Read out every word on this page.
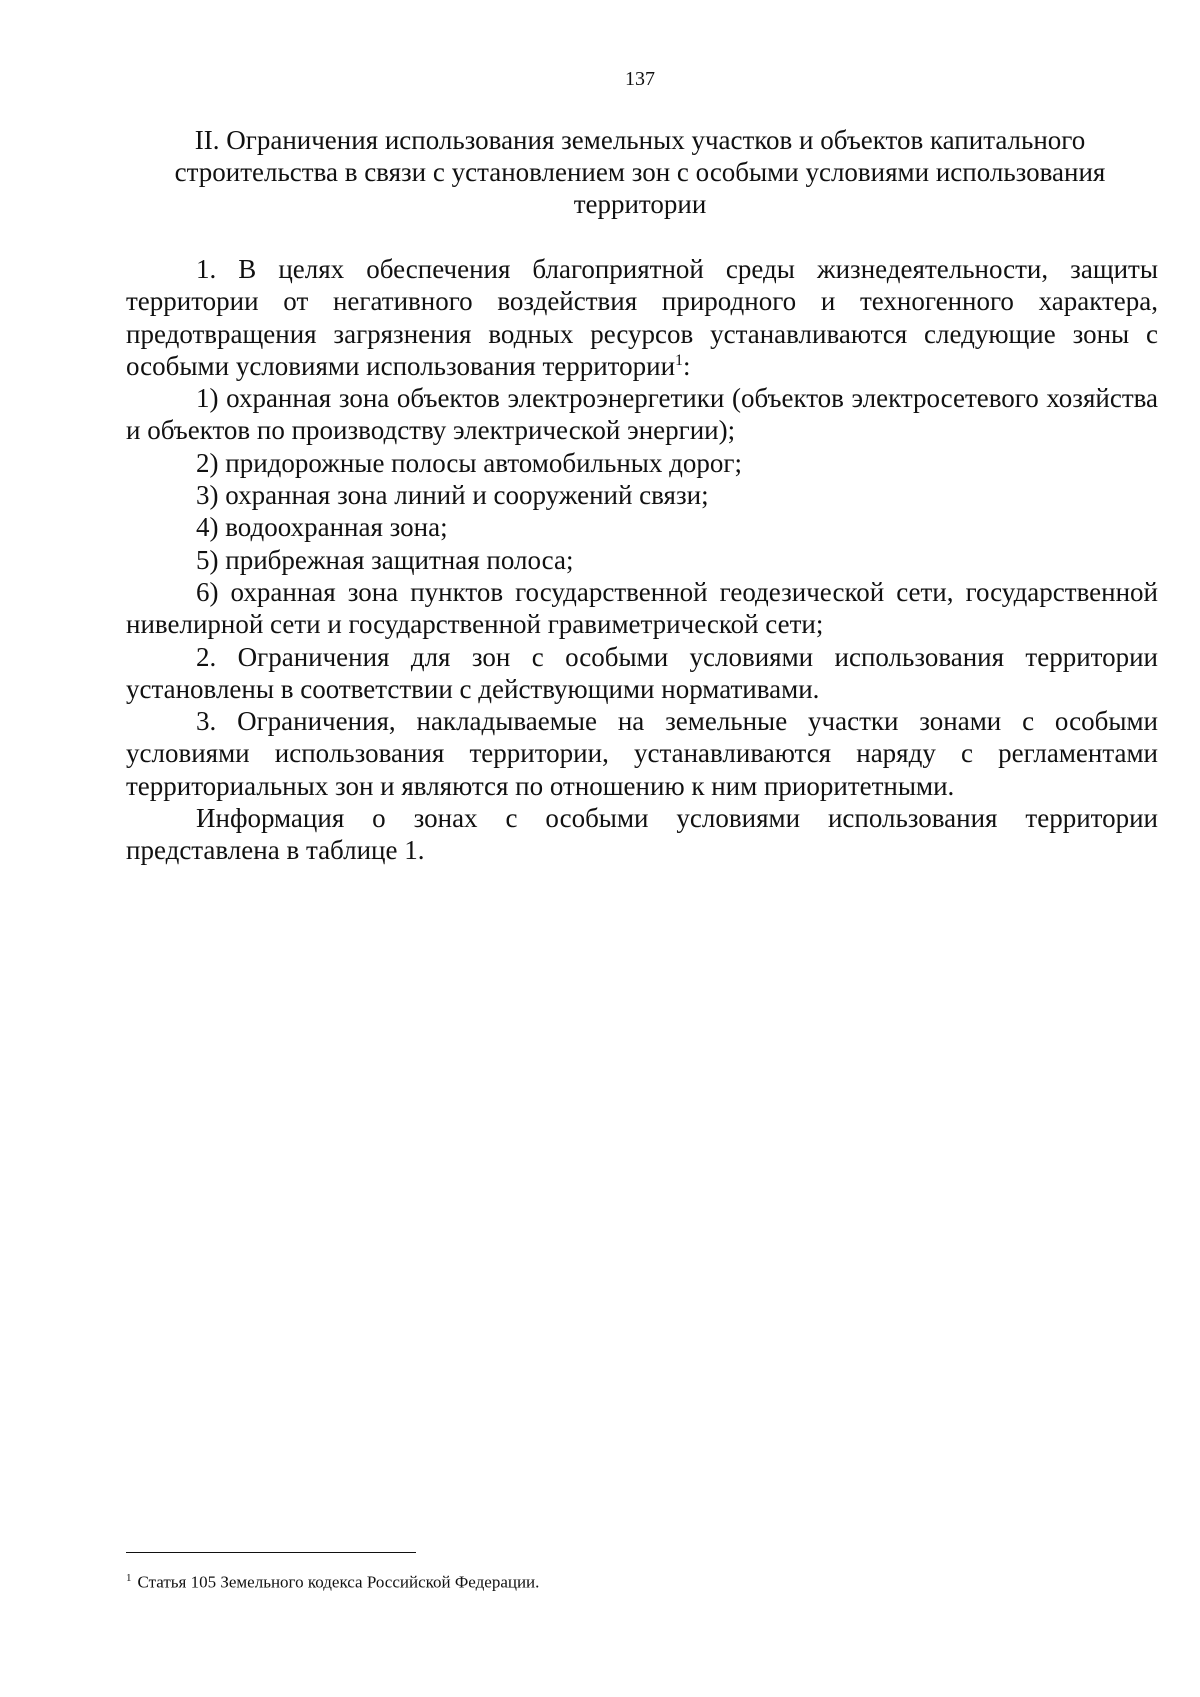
137
II. Ограничения использования земельных участков и объектов капитального строительства в связи с установлением зон с особыми условиями использования территории

1. В целях обеспечения благоприятной среды жизнедеятельности, защиты территории от негативного воздействия природного и техногенного характера, предотвращения загрязнения водных ресурсов устанавливаются следующие зоны с особыми условиями использования территории$^1$:

1) охранная зона объектов электроэнергетики (объектов электросетевого хозяйства и объектов по производству электрической энергии);

2) придорожные полосы автомобильных дорог;

3) охранная зона линий и сооружений связи;

4) водоохранная зона;

5) прибрежная защитная полоса;

6) охранная зона пунктов государственной геодезической сети, государственной нивелирной сети и государственной гравиметрической сети;

2. Ограничения для зон с особыми условиями использования территории установлены в соответствии с действующими нормативами.

3. Ограничения, накладываемые на земельные участки зонами с особыми условиями использования территории, устанавливаются наряду с регламентами территориальных зон и являются по отношению к ним приоритетными.

Информация о зонах с особыми условиями использования территории представлена в таблице 1.

$^1$ Статья 105 Земельного кодекса Российской Федерации.
